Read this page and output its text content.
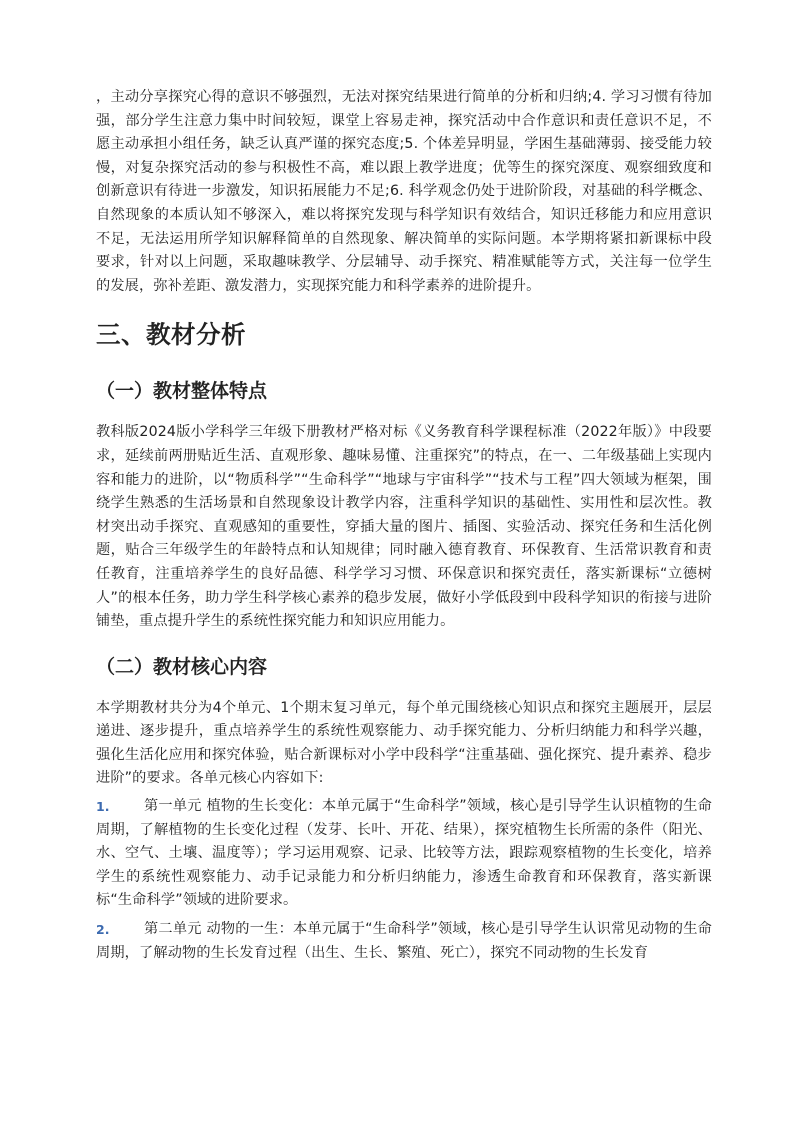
，主动分享探究心得的意识不够强烈，无法对探究结果进行简单的分析和归纳;4. 学习习惯有待加强，部分学生注意力集中时间较短，课堂上容易走神，探究活动中合作意识和责任意识不足，不愿主动承担小组任务，缺乏认真严谨的探究态度;5. 个体差异明显，学困生基础薄弱、接受能力较慢，对复杂探究活动的参与积极性不高，难以跟上教学进度；优等生的探究深度、观察细致度和创新意识有待进一步激发，知识拓展能力不足;6. 科学观念仍处于进阶阶段，对基础的科学概念、自然现象的本质认知不够深入，难以将探究发现与科学知识有效结合，知识迁移能力和应用意识不足，无法运用所学知识解释简单的自然现象、解决简单的实际问题。本学期将紧扣新课标中段要求，针对以上问题，采取趣味教学、分层辅导、动手探究、精准赋能等方式，关注每一位学生的发展，弥补差距、激发潜力，实现探究能力和科学素养的进阶提升。

三、教材分析
（一）教材整体特点

教科版2024版小学科学三年级下册教材严格对标《义务教育科学课程标准（2022年版）》中段要求，延续前两册贴近生活、直观形象、趣味易懂、注重探究”的特点，在一、二年级基础上实现内容和能力的进阶，以“物质科学”“生命科学”“地球与宇宙科学”“技术与工程”四大领域为框架，围绕学生熟悉的生活场景和自然现象设计教学内容，注重科学知识的基础性、实用性和层次性。教材突出动手探究、直观感知的重要性，穿插大量的图片、插图、实验活动、探究任务和生活化例题，贴合三年级学生的年龄特点和认知规律；同时融入德育教育、环保教育、生活常识教育和责任教育，注重培养学生的良好品德、科学学习习惯、环保意识和探究责任，落实新课标“立德树人”的根本任务，助力学生科学核心素养的稳步发展，做好小学低段到中段科学知识的衔接与进阶铺垫，重点提升学生的系统性探究能力和知识应用能力。

（二）教材核心内容

本学期教材共分为4个单元、1个期末复习单元，每个单元围绕核心知识点和探究主题展开，层层递进、逐步提升，重点培养学生的系统性观察能力、动手探究能力、分析归纳能力和科学兴趣，强化生活化应用和探究体验，贴合新课标对小学中段科学“注重基础、强化探究、提升素养、稳步进阶”的要求。各单元核心内容如下:

1.	第一单元 植物的生长变化：本单元属于“生命科学”领域，核心是引导学生认识植物的生命周期，了解植物的生长变化过程（发芽、长叶、开花、结果），探究植物生长所需的条件（阳光、水、空气、土壤、温度等）；学习运用观察、记录、比较等方法，跟踪观察植物的生长变化，培养学生的系统性观察能力、动手记录能力和分析归纳能力，渗透生命教育和环保教育，落实新课标“生命科学”领域的进阶要求。
2.	第二单元 动物的一生：本单元属于“生命科学”领域，核心是引导学生认识常见动物的生命周期，了解动物的生长发育过程（出生、生长、繁殖、死亡），探究不同动物的生长发育
